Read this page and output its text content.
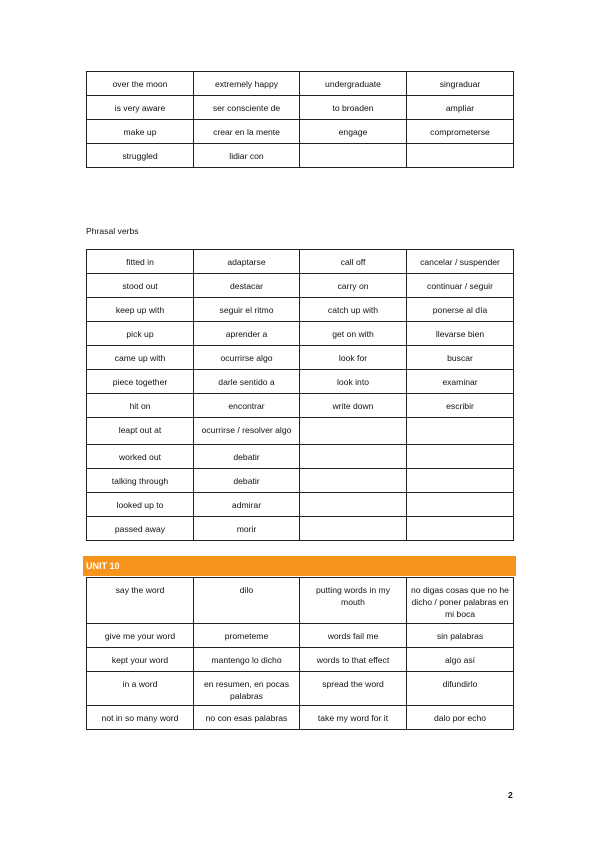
over the moon	extremely happy	undergraduate	singraduar
is very aware	ser consciente de	to broaden	ampliar
make up	crear en la mente	engage	comprometerse
struggled	lidiar con		
Phrasal verbs
fitted in	adaptarse	call off	cancelar / suspender
stood out	destacar	carry on	continuar / seguir
keep up with	seguir el ritmo	catch up with	ponerse al día
pick up	aprender a	get on with	llevarse bien
came up with	ocurrirse algo	look for	buscar
piece together	darle sentido a	look into	examinar
hit on	encontrar	write down	escribir
leapt out at	ocurrirse / resolver algo		
worked out	debatir		
talking through	debatir		
looked up to	admirar		
passed away	morir		
UNIT 10
say the word	dilo	putting words in my mouth	no digas cosas que no he dicho / poner palabras en mi boca
give me your word	prometeme	words fail me	sin palabras
kept your word	mantengo lo dicho	words to that effect	algo así
in a word	en resumen, en pocas palabras	spread the word	difundirlo
not in so many word	no con esas palabras	take my word for it	dalo por echo
2
